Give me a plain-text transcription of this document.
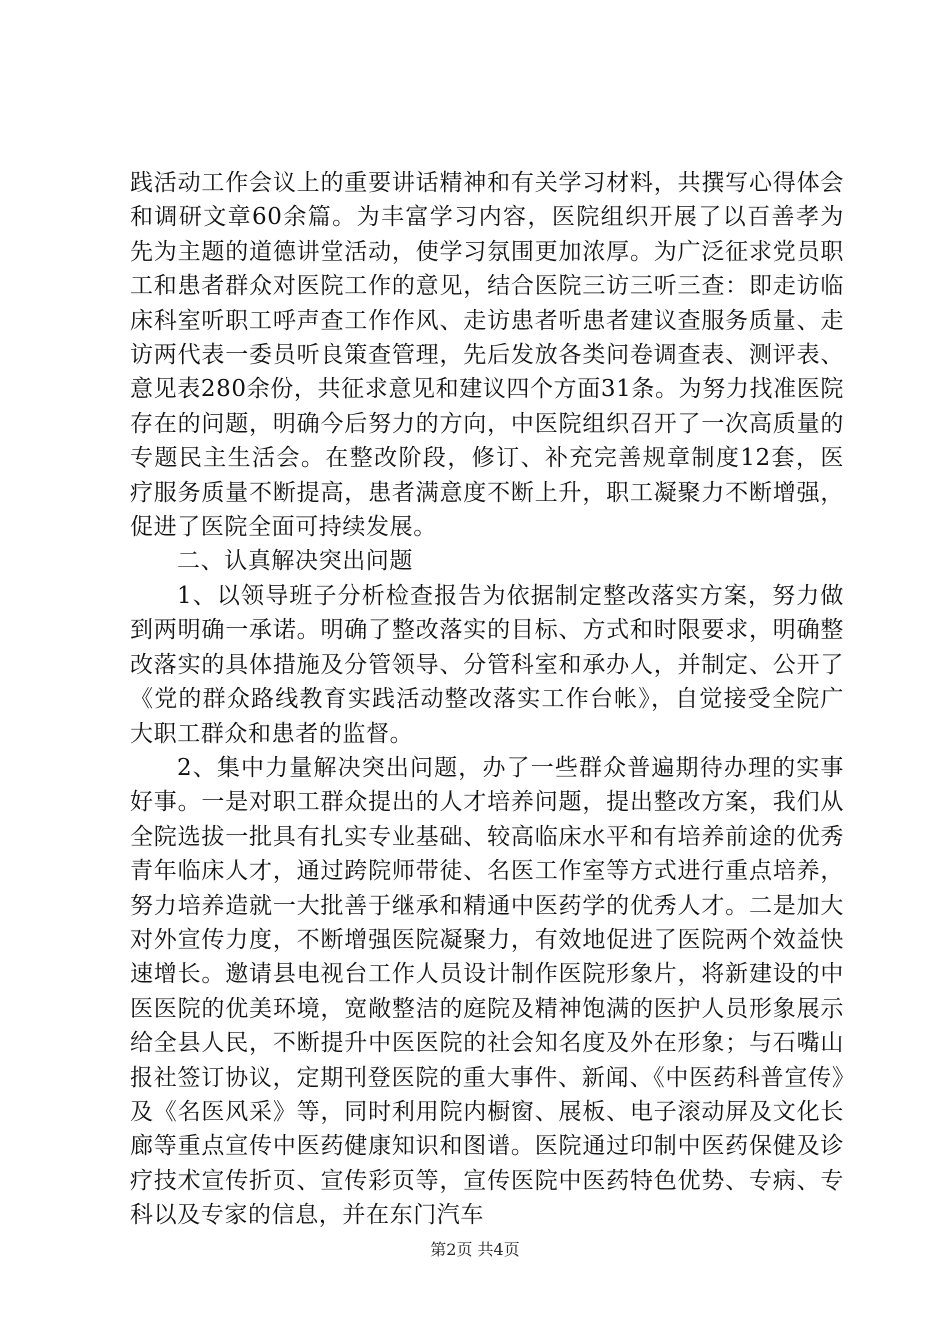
践活动工作会议上的重要讲话精神和有关学习材料，共撰写心得体会和调研文章60余篇。为丰富学习内容，医院组织开展了以百善孝为先为主题的道德讲堂活动，使学习氛围更加浓厚。为广泛征求党员职工和患者群众对医院工作的意见，结合医院三访三听三查：即走访临床科室听职工呼声查工作作风、走访患者听患者建议查服务质量、走访两代表一委员听良策查管理，先后发放各类问卷调查表、测评表、意见表280余份，共征求意见和建议四个方面31条。为努力找准医院存在的问题，明确今后努力的方向，中医院组织召开了一次高质量的专题民主生活会。在整改阶段，修订、补充完善规章制度12套，医疗服务质量不断提高，患者满意度不断上升，职工凝聚力不断增强，促进了医院全面可持续发展。

二、认真解决突出问题

1、以领导班子分析检查报告为依据制定整改落实方案，努力做到两明确一承诺。明确了整改落实的目标、方式和时限要求，明确整改落实的具体措施及分管领导、分管科室和承办人，并制定、公开了《党的群众路线教育实践活动整改落实工作台帐》，自觉接受全院广大职工群众和患者的监督。

2、集中力量解决突出问题，办了一些群众普遍期待办理的实事好事。一是对职工群众提出的人才培养问题，提出整改方案，我们从全院选拔一批具有扎实专业基础、较高临床水平和有培养前途的优秀青年临床人才，通过跨院师带徒、名医工作室等方式进行重点培养，努力培养造就一大批善于继承和精通中医药学的优秀人才。二是加大对外宣传力度，不断增强医院凝聚力，有效地促进了医院两个效益快速增长。邀请县电视台工作人员设计制作医院形象片，将新建设的中医医院的优美环境，宽敞整洁的庭院及精神饱满的医护人员形象展示给全县人民，不断提升中医医院的社会知名度及外在形象；与石嘴山报社签订协议，定期刊登医院的重大事件、新闻、《中医药科普宣传》及《名医风采》等，同时利用院内橱窗、展板、电子滚动屏及文化长廊等重点宣传中医药健康知识和图谱。医院通过印制中医药保健及诊疗技术宣传折页、宣传彩页等，宣传医院中医药特色优势、专病、专科以及专家的信息，并在东门汽车

第2页 共4页
